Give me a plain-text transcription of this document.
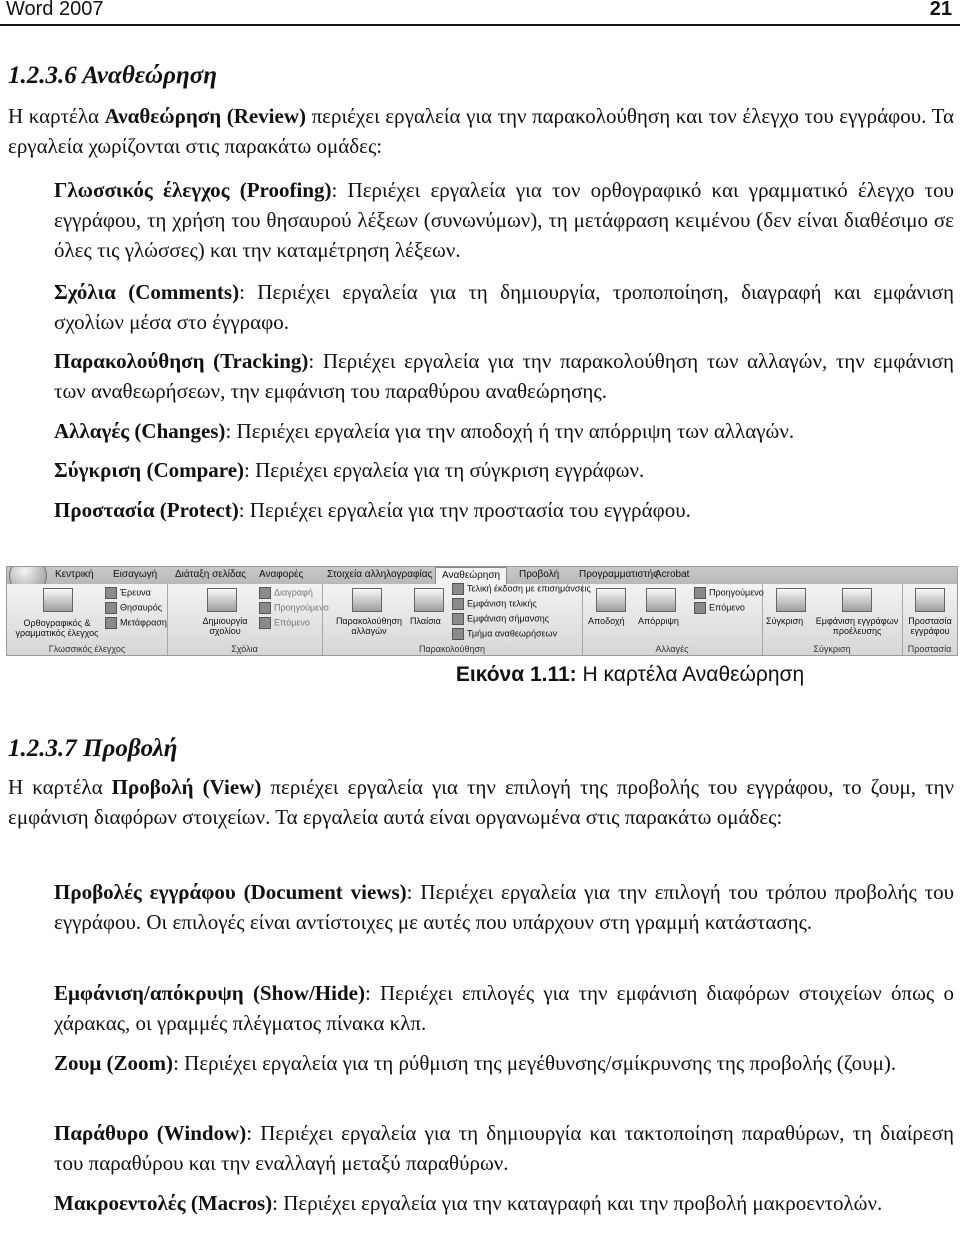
Word 2007	21
1.2.3.6 Αναθεώρηση
Η καρτέλα Αναθεώρηση (Review) περιέχει εργαλεία για την παρακολούθηση και τον έλεγχο του εγγράφου. Τα εργαλεία χωρίζονται στις παρακάτω ομάδες:
Γλωσσικός έλεγχος (Proofing): Περιέχει εργαλεία για τον ορθογραφικό και γραμματικό έλεγχο του εγγράφου, τη χρήση του θησαυρού λέξεων (συνωνύμων), τη μετάφραση κειμένου (δεν είναι διαθέσιμο σε όλες τις γλώσσες) και την καταμέτρηση λέξεων.
Σχόλια (Comments): Περιέχει εργαλεία για τη δημιουργία, τροποποίηση, διαγραφή και εμφάνιση σχολίων μέσα στο έγγραφο.
Παρακολούθηση (Tracking): Περιέχει εργαλεία για την παρακολούθηση των αλλαγών, την εμφάνιση των αναθεωρήσεων, την εμφάνιση του παραθύρου αναθεώρησης.
Αλλαγές (Changes): Περιέχει εργαλεία για την αποδοχή ή την απόρριψη των αλλαγών.
Σύγκριση (Compare): Περιέχει εργαλεία για τη σύγκριση εγγράφων.
Προστασία (Protect): Περιέχει εργαλεία για την προστασία του εγγράφου.
Κεντρική Εισαγωγή Διάταξη σελίδας Αναφορές Στοιχεία αλληλογραφίας Αναθεώρηση	Προβολή Προγραμματιστής
Acrobat
Ορθογραφικός & γραμματικός έλεγχος
Έρευνα
Θησαυρός
Μετάφραση
Γλωσσικός έλεγχος
Δημιουργία σχολίου
Διαγραφή
Προηγούμενο
Επόμενο
Σχόλια
Παρακολούθηση αλλαγών
Πλαίσια
Τελική έκδοση με επισημάνσεις
Εμφάνιση τελικής
Εμφάνιση σήμανσης
Τμήμα αναθεωρήσεων
Παρακολούθηση
Αποδοχή Απόρριψη
Προηγούμενο
Επόμενο
Αλλαγές
Σύγκριση Εμφάνιση εγγράφων προέλευσης
Σύγκριση
Προστασία εγγράφου
Προστασία
Εικόνα 1.11: Η καρτέλα Αναθεώρηση
1.2.3.7 Προβολή
Η καρτέλα Προβολή (View) περιέχει εργαλεία για την επιλογή της προβολής του εγγράφου, το ζουμ, την εμφάνιση διαφόρων στοιχείων. Τα εργαλεία αυτά είναι οργανωμένα στις παρακάτω ομάδες:
Προβολές εγγράφου (Document views): Περιέχει εργαλεία για την επιλογή του τρόπου προβολής του εγγράφου. Οι επιλογές είναι αντίστοιχες με αυτές που υπάρχουν στη γραμμή κατάστασης.
Εμφάνιση/απόκρυψη (Show/Hide): Περιέχει επιλογές για την εμφάνιση διαφόρων στοιχείων όπως ο χάρακας, οι γραμμές πλέγματος πίνακα κλπ.
Ζουμ (Zoom): Περιέχει εργαλεία για τη ρύθμιση της μεγέθυνσης/σμίκρυνσης της προβολής (ζουμ).
Παράθυρο (Window): Περιέχει εργαλεία για τη δημιουργία και τακτοποίηση παραθύρων, τη διαίρεση του παραθύρου και την εναλλαγή μεταξύ παραθύρων.
Μακροεντολές (Macros): Περιέχει εργαλεία για την καταγραφή και την προβολή μακροεντολών.
